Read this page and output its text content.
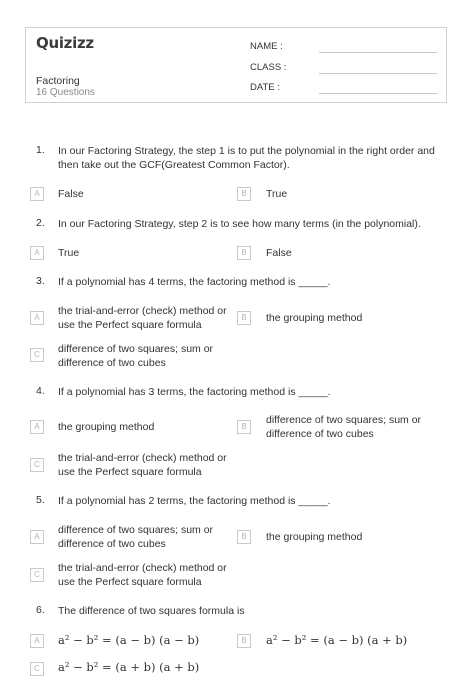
Quizizz
Factoring
16 Questions
NAME :
CLASS :
DATE :
1. In our Factoring Strategy, the step 1 is to put the polynomial in the right order and then take out the GCF(Greatest Common Factor).
A	False	B	True
2. In our Factoring Strategy, step 2 is to see how many terms (in the polynomial).
A	True	B	False
3. If a polynomial has 4 terms, the factoring method is _____.
A
the trial-and-error (check) method or use the Perfect square formula
B	the grouping method
C	difference of two squares; sum or difference of two cubes
4. If a polynomial has 3 terms, the factoring method is _____.
A	the grouping method	B
difference of two squares; sum or difference of two cubes
C
the trial-and-error (check) method or use the Perfect square formula
5. If a polynomial has 2 terms, the factoring method is _____.
A
difference of two squares; sum or difference of two cubes
B	the grouping method
C
the trial-and-error (check) method or use the Perfect square formula
6. The difference of two squares formula is
A	a² − b² = (a − b) (a − b)	B	a² − b² = (a − b) (a + b)
C	a² − b² = (a + b) (a + b)
